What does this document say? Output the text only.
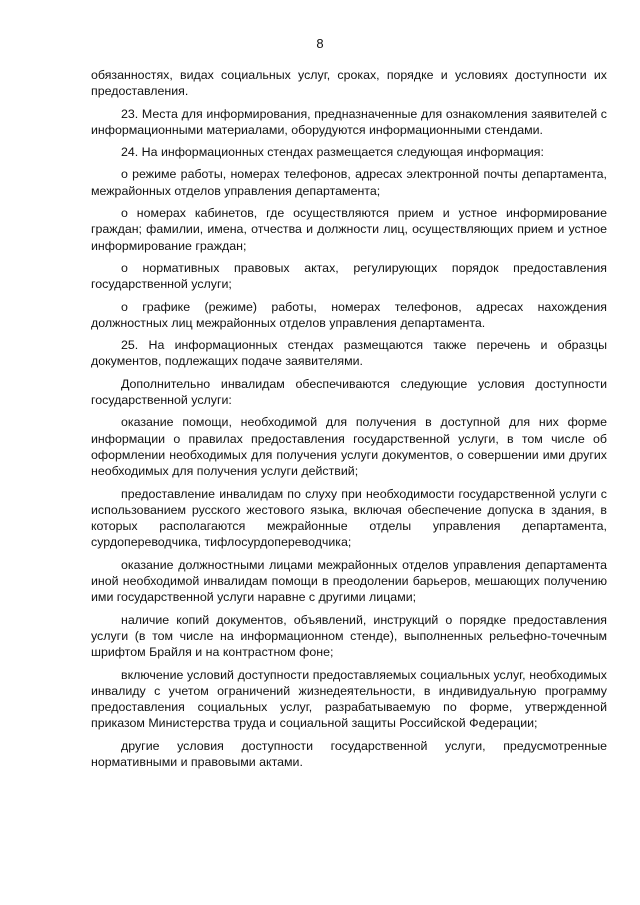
8

обязанностях, видах социальных услуг, сроках, порядке и условиях доступности их предоставления.

23. Места для информирования, предназначенные для ознакомления заявителей с информационными материалами, оборудуются информационными стендами.

24. На информационных стендах размещается следующая информация:

о режиме работы, номерах телефонов, адресах электронной почты департамента, межрайонных отделов управления департамента;

о номерах кабинетов, где осуществляются прием и устное информирование граждан; фамилии, имена, отчества и должности лиц, осуществляющих прием и устное информирование граждан;

о нормативных правовых актах, регулирующих порядок предоставления государственной услуги;

о графике (режиме) работы, номерах телефонов, адресах нахождения должностных лиц межрайонных отделов управления департамента.

25. На информационных стендах размещаются также перечень и образцы документов, подлежащих подаче заявителями.

Дополнительно инвалидам обеспечиваются следующие условия доступности государственной услуги:

оказание помощи, необходимой для получения в доступной для них форме информации о правилах предоставления государственной услуги, в том числе об оформлении необходимых для получения услуги документов, о совершении ими других необходимых для получения услуги действий;

предоставление инвалидам по слуху при необходимости государственной услуги с использованием русского жестового языка, включая обеспечение допуска в здания, в которых располагаются межрайонные отделы управления департамента, сурдопереводчика, тифлосурдопереводчика;

оказание должностными лицами межрайонных отделов управления департамента иной необходимой инвалидам помощи в преодолении барьеров, мешающих получению ими государственной услуги наравне с другими лицами;

наличие копий документов, объявлений, инструкций о порядке предоставления услуги (в том числе на информационном стенде), выполненных рельефно-точечным шрифтом Брайля и на контрастном фоне;

включение условий доступности предоставляемых социальных услуг, необходимых инвалиду с учетом ограничений жизнедеятельности, в индивидуальную программу предоставления социальных услуг, разрабатываемую по форме, утвержденной приказом Министерства труда и социальной защиты Российской Федерации;

другие условия доступности государственной услуги, предусмотренные нормативными и правовыми актами.
